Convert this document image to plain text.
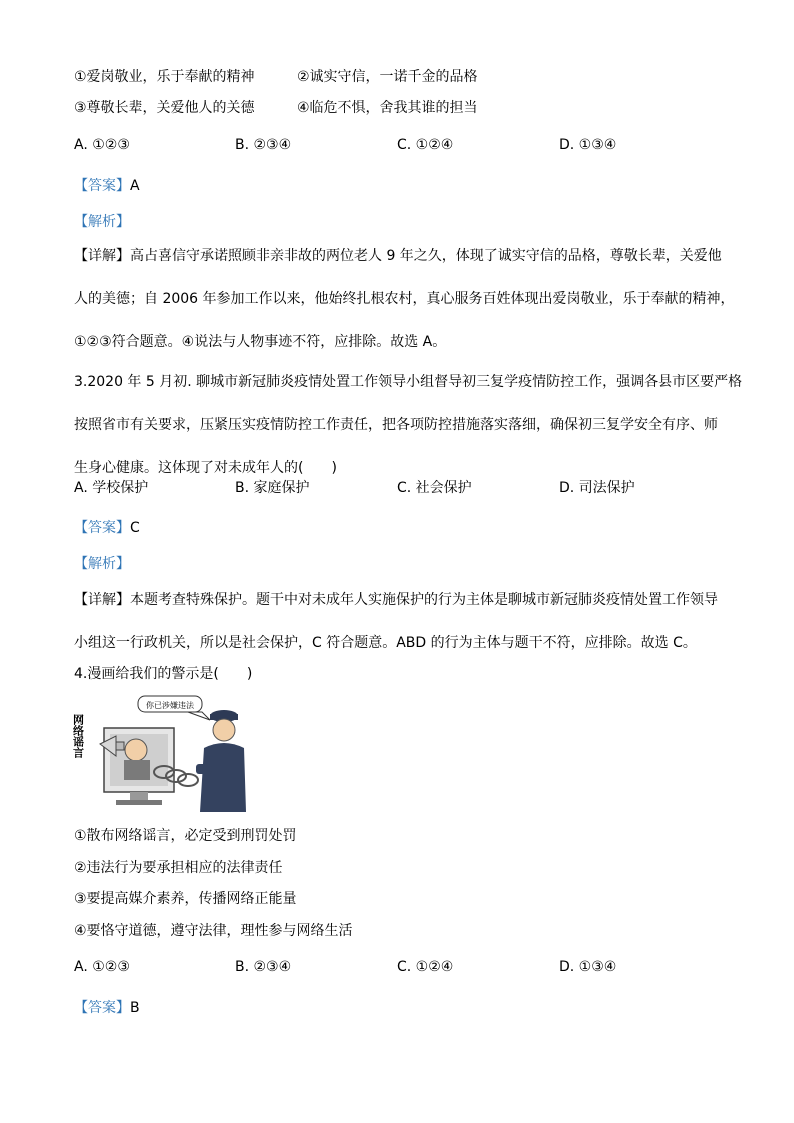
①爱岗敬业，乐于奉献的精神	②诚实守信，一诺千金的品格
③尊敬长辈，关爱他人的关德	④临危不惧，舍我其谁的担当
A. ①②③	B. ②③④	C. ①②④	D. ①③④
【答案】A
【解析】
【详解】高占喜信守承诺照顾非亲非故的两位老人 9 年之久，体现了诚实守信的品格，尊敬长辈，关爱他
人的美德；自 2006 年参加工作以来，他始终扎根农村，真心服务百姓体现出爱岗敬业，乐于奉献的精神，
①②③符合题意。④说法与人物事迹不符，应排除。故选 A。
3.2020 年 5 月初. 聊城市新冠肺炎疫情处置工作领导小组督导初三复学疫情防控工作，强调各县市区要严格
按照省市有关要求，压紧压实疫情防控工作责任，把各项防控措施落实落细，确保初三复学安全有序、师
生身心健康。这体现了对未成年人的(　　)
A. 学校保护	B. 家庭保护	C. 社会保护	D. 司法保护
【答案】C
【解析】
【详解】本题考查特殊保护。题干中对未成年人实施保护的行为主体是聊城市新冠肺炎疫情处置工作领导
小组这一行政机关，所以是社会保护，C 符合题意。ABD 的行为主体与题干不符，应排除。故选 C。
4.漫画给我们的警示是(　　)
你已涉嫌违法
网络谣言
①散布网络谣言，必定受到刑罚处罚
②违法行为要承担相应的法律责任
③要提高媒介素养，传播网络正能量
④要恪守道德，遵守法律，理性参与网络生活
A. ①②③	B. ②③④	C. ①②④	D. ①③④
【答案】B
